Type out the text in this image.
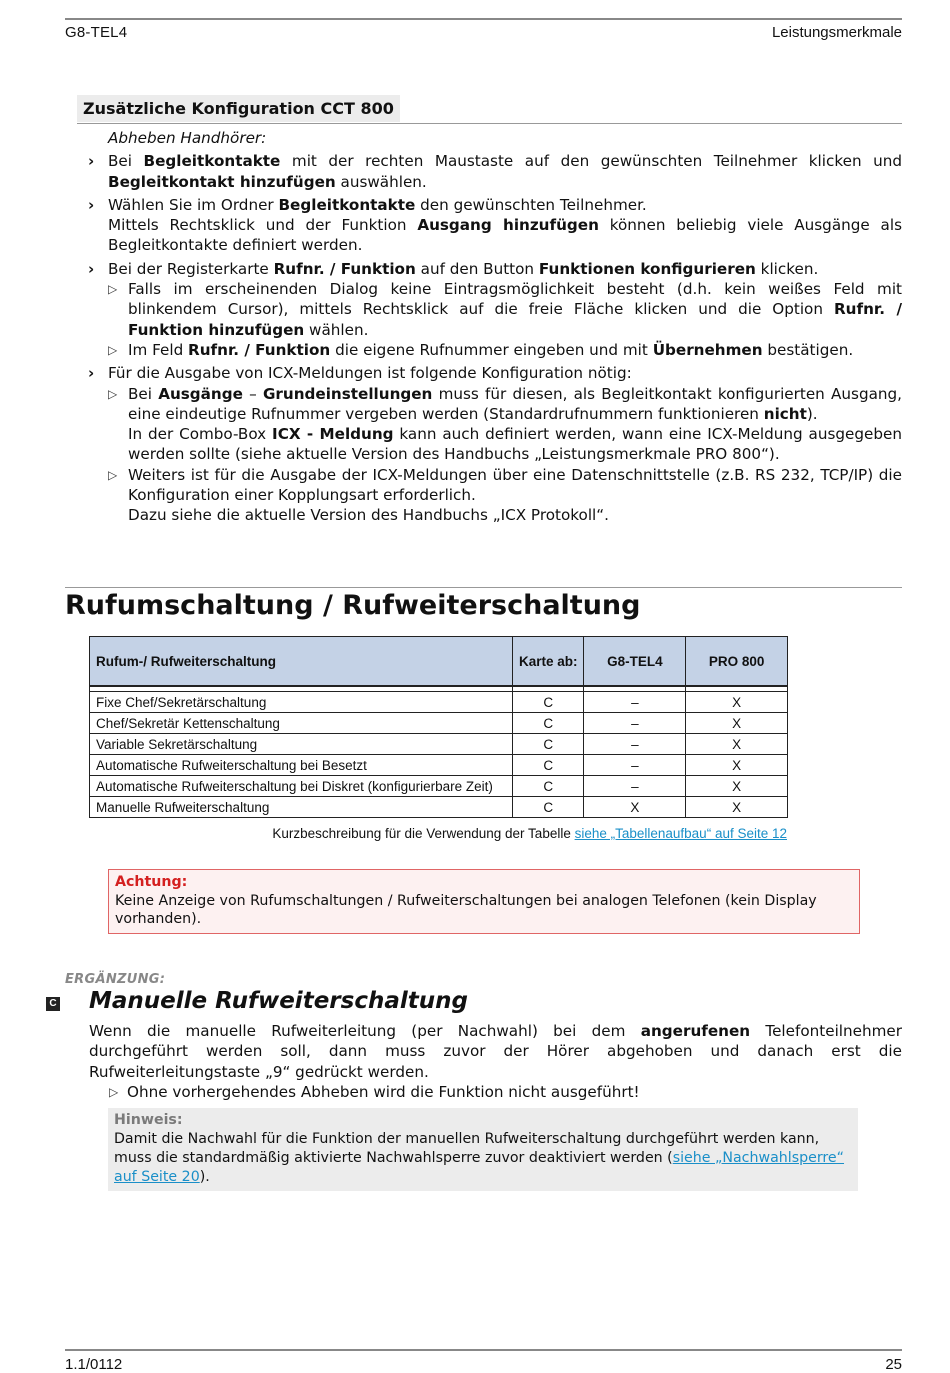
G8-TEL4	Leistungsmerkmale
Zusätzliche Konfiguration CCT 800

Abheben Handhörer:

› Bei Begleitkontakte mit der rechten Maustaste auf den gewünschten Teilnehmer klicken und Begleitkontakt hinzufügen auswählen.

› Wählen Sie im Ordner Begleitkontakte den gewünschten Teilnehmer.

Mittels Rechtsklick und der Funktion Ausgang hinzufügen können beliebig viele Ausgänge als Begleitkontakte definiert werden.

› Bei der Registerkarte Rufnr. / Funktion auf den Button Funktionen konfigurieren klicken.

▷ Falls im erscheinenden Dialog keine Eintragsmöglichkeit besteht (d.h. kein weißes Feld mit blinkendem Cursor), mittels Rechtsklick auf die freie Fläche klicken und die Option Rufnr. / Funktion hinzufügen wählen.

▷ Im Feld Rufnr. / Funktion die eigene Rufnummer eingeben und mit Übernehmen bestätigen.

› Für die Ausgabe von ICX-Meldungen ist folgende Konfiguration nötig:

▷ Bei Ausgänge – Grundeinstellungen muss für diesen, als Begleitkontakt konfigurierten Ausgang, eine eindeutige Rufnummer vergeben werden (Standardrufnummern funktionieren nicht).

In der Combo-Box ICX - Meldung kann auch definiert werden, wann eine ICX-Meldung ausgegeben werden sollte (siehe aktuelle Version des Handbuchs „Leistungsmerkmale PRO 800“).

▷ Weiters ist für die Ausgabe der ICX-Meldungen über eine Datenschnittstelle (z.B. RS 232, TCP/IP) die Konfiguration einer Kopplungsart erforderlich.

Dazu siehe die aktuelle Version des Handbuchs „ICX Protokoll“.

Rufumschaltung / Rufweiterschaltung
Rufum-/ Rufweiterschaltung	Karte ab:	G8-TEL4	PRO 800

Fixe Chef/Sekretärschaltung	C	–	X
Chef/Sekretär Kettenschaltung	C	–	X
Variable Sekretärschaltung	C	–	X
Automatische Rufweiterschaltung bei Besetzt	C	–	X
Automatische Rufweiterschaltung bei Diskret (konfigurierbare Zeit)	C	–	X
Manuelle Rufweiterschaltung	C	X	X
Kurzbeschreibung für die Verwendung der Tabelle siehe „Tabellenaufbau“ auf Seite 12
Achtung:
Keine Anzeige von Rufumschaltungen / Rufweiterschaltungen bei analogen Telefonen (kein Display vorhanden).
ERGÄNZUNG:
C Manuelle Rufweiterschaltung

Wenn die manuelle Rufweiterleitung (per Nachwahl) bei dem angerufenen Telefonteilnehmer durchgeführt werden soll, dann muss zuvor der Hörer abgehoben und danach erst die Rufweiterleitungstaste „9“ gedrückt werden.

▷ Ohne vorhergehendes Abheben wird die Funktion nicht ausgeführt!

Hinweis:
Damit die Nachwahl für die Funktion der manuellen Rufweiterschaltung durchgeführt werden kann, muss die standardmäßig aktivierte Nachwahlsperre zuvor deaktiviert werden (siehe „Nachwahlsperre“ auf Seite 20).
1.1/0112	25
